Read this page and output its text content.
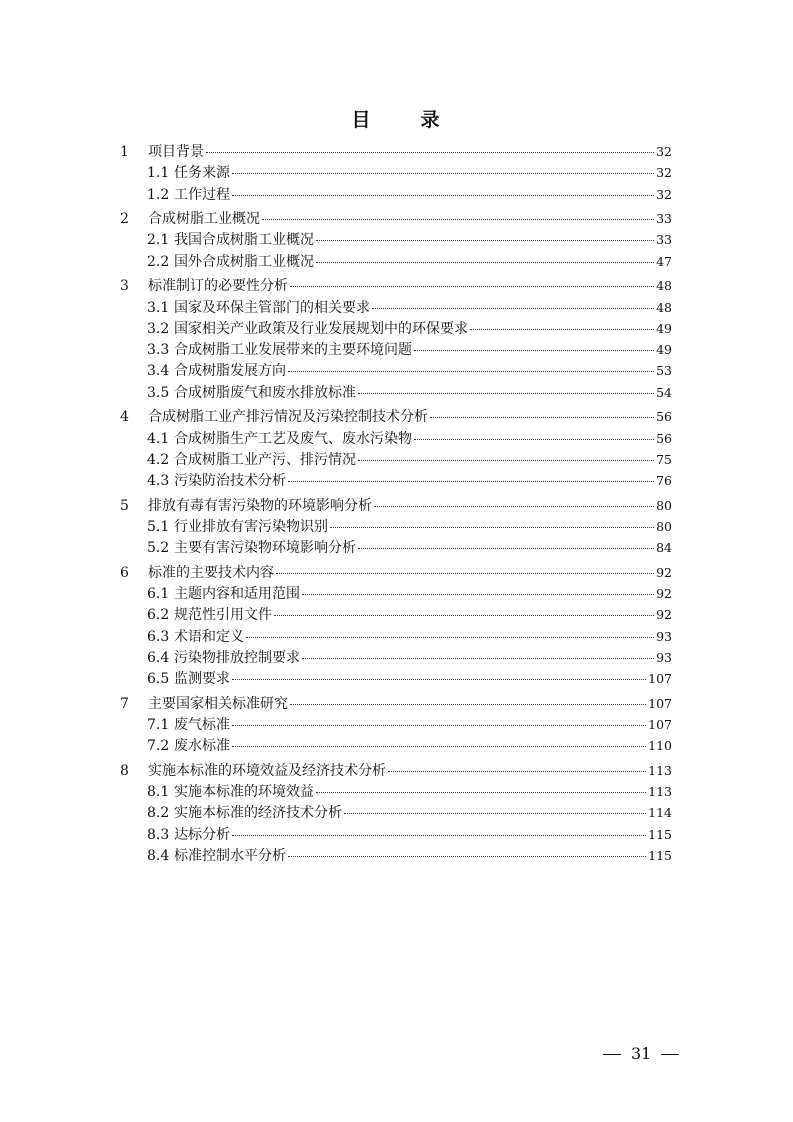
目	录
1 项目背景	32
1.1 任务来源	32
1.2 工作过程	32
2 合成树脂工业概况	33
2.1 我国合成树脂工业概况	33
2.2 国外合成树脂工业概况	47
3 标准制订的必要性分析	48
3.1 国家及环保主管部门的相关要求	48
3.2 国家相关产业政策及行业发展规划中的环保要求	49
3.3 合成树脂工业发展带来的主要环境问题	49
3.4 合成树脂发展方向	53
3.5 合成树脂废气和废水排放标准	54
4 合成树脂工业产排污情况及污染控制技术分析	56
4.1 合成树脂生产工艺及废气、废水污染物	56
4.2 合成树脂工业产污、排污情况	75
4.3 污染防治技术分析	76
5 排放有毒有害污染物的环境影响分析	80
5.1 行业排放有害污染物识别	80
5.2 主要有害污染物环境影响分析	84
6 标准的主要技术内容	92
6.1 主题内容和适用范围	92
6.2 规范性引用文件	92
6.3 术语和定义	93
6.4 污染物排放控制要求	93
6.5 监测要求	107
7 主要国家相关标准研究	107
7.1 废气标准	107
7.2 废水标准	110
8 实施本标准的环境效益及经济技术分析	113
8.1 实施本标准的环境效益	113
8.2 实施本标准的经济技术分析	114
8.3 达标分析	115
8.4 标准控制水平分析	115
31
